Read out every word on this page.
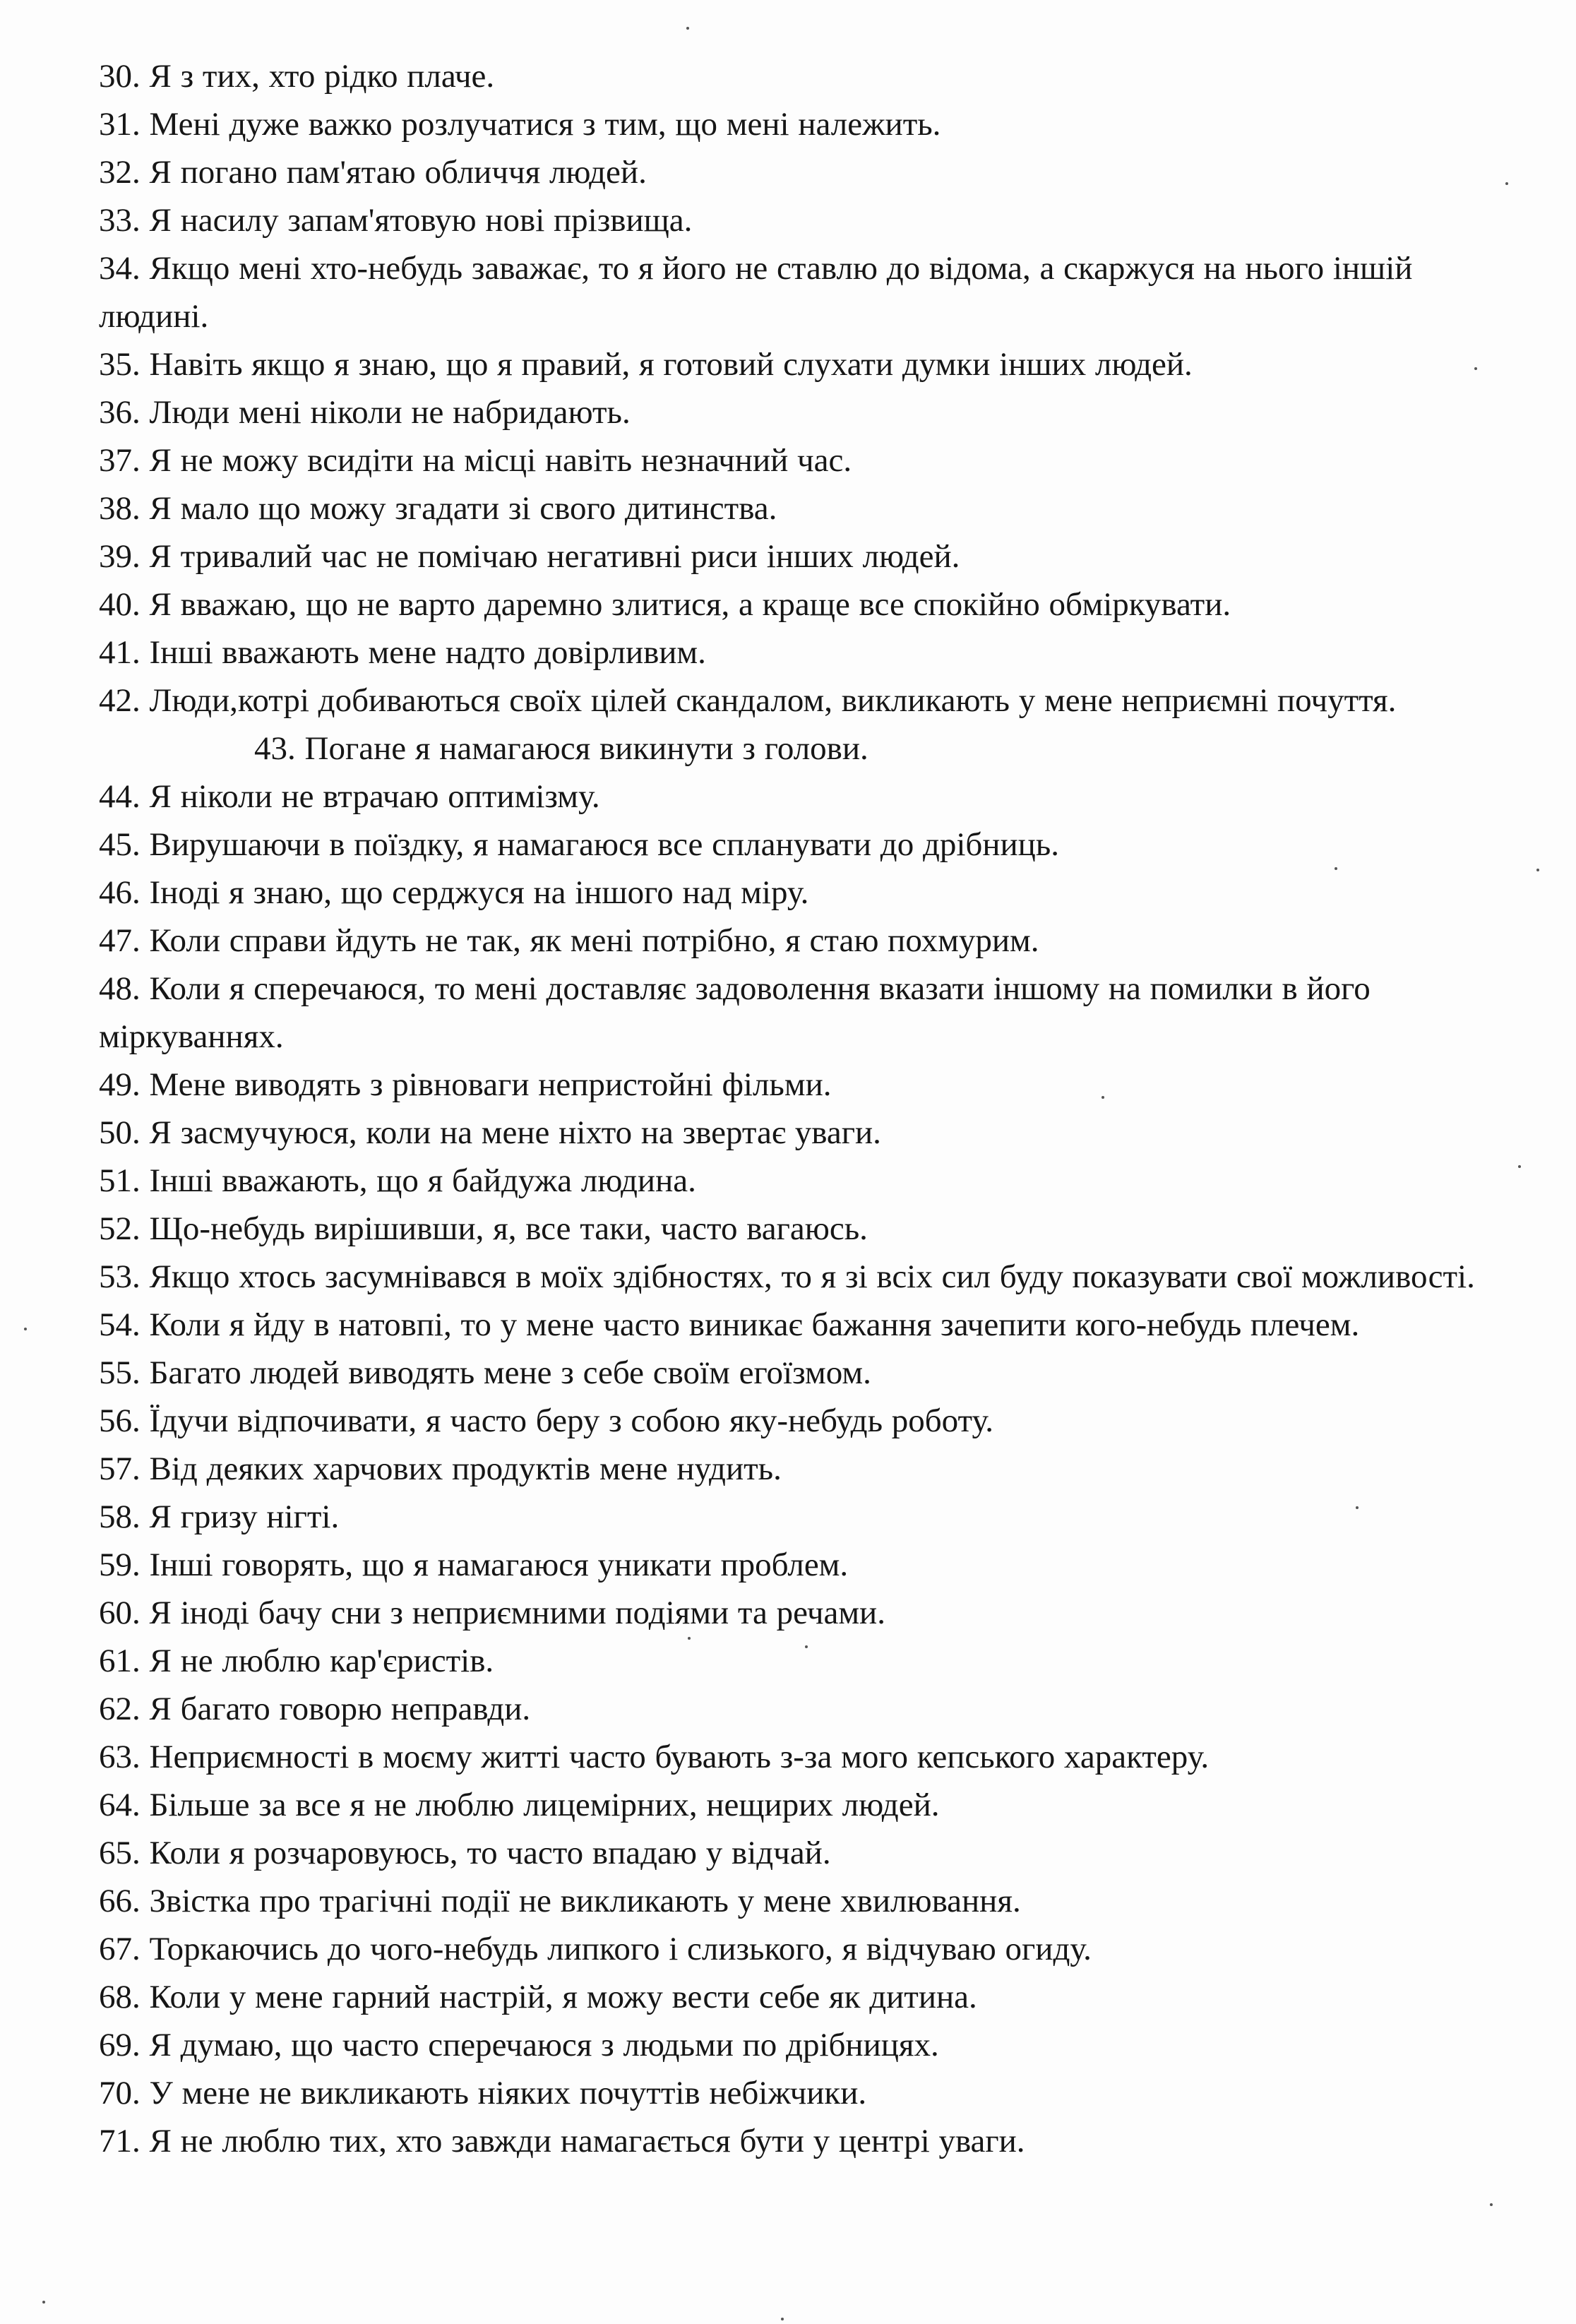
30. Я з тих, хто рідко плаче.

31. Мені дуже важко розлучатися з тим, що мені належить.

32. Я погано пам'ятаю обличчя людей.

33. Я насилу запам'ятовую нові прізвища.

34. Якщо мені хто-небудь заважає, то я його не ставлю до відома, а скаржуся на нього іншій людині.

35. Навіть якщо я знаю, що я правий, я готовий слухати думки інших людей.

36. Люди мені ніколи не набридають.

37. Я не можу всидіти на місці навіть незначний час.

38. Я мало що можу згадати зі свого дитинства.

39. Я тривалий час не помічаю негативні риси інших людей.

40. Я вважаю, що не варто даремно злитися, а краще все спокійно обміркувати.

41. Інші вважають мене надто довірливим.

42. Люди,котрі добиваються своїх цілей скандалом, викликають у мене неприємні почуття.

43. Погане я намагаюся викинути з голови.

44. Я ніколи не втрачаю оптимізму.

45. Вирушаючи в поїздку, я намагаюся все спланувати до дрібниць.

46. Іноді я знаю, що серджуся на іншого над міру.

47. Коли справи йдуть не так, як мені потрібно, я стаю похмурим.

48. Коли я сперечаюся, то мені доставляє задоволення вказати іншому на помилки в його міркуваннях.

49. Мене виводять з рівноваги непристойні фільми.

50. Я засмучуюся, коли на мене ніхто на звертає уваги.

51. Інші вважають, що я байдужа людина.

52. Що-небудь вирішивши, я, все таки, часто вагаюсь.

53. Якщо хтось засумнівався в моїх здібностях, то я зі всіх сил буду показувати свої можливості.

54. Коли я йду в натовпі, то у мене часто виникає бажання зачепити кого-небудь плечем.

55. Багато людей виводять мене з себе своїм егоїзмом.

56. Їдучи відпочивати, я часто беру з собою яку-небудь роботу.

57. Від деяких харчових продуктів мене нудить.

58. Я гризу нігті.

59. Інші говорять, що я намагаюся уникати проблем.

60. Я іноді бачу сни з неприємними подіями та речами.

61. Я не люблю кар'єристів.

62. Я багато говорю неправди.

63. Неприємності в моєму житті часто бувають з-за мого кепського характеру.

64. Більше за все я не люблю лицемірних, нещирих людей.

65. Коли я розчаровуюсь, то часто впадаю у відчай.

66. Звістка про трагічні події не викликають у мене хвилювання.

67. Торкаючись до чого-небудь липкого і слизького, я відчуваю огиду.

68. Коли у мене гарний настрій, я можу вести себе як дитина.

69. Я думаю, що часто сперечаюся з людьми по дрібницях.

70. У мене не викликають ніяких почуттів небіжчики.

71. Я не люблю тих, хто завжди намагається бути у центрі уваги.
